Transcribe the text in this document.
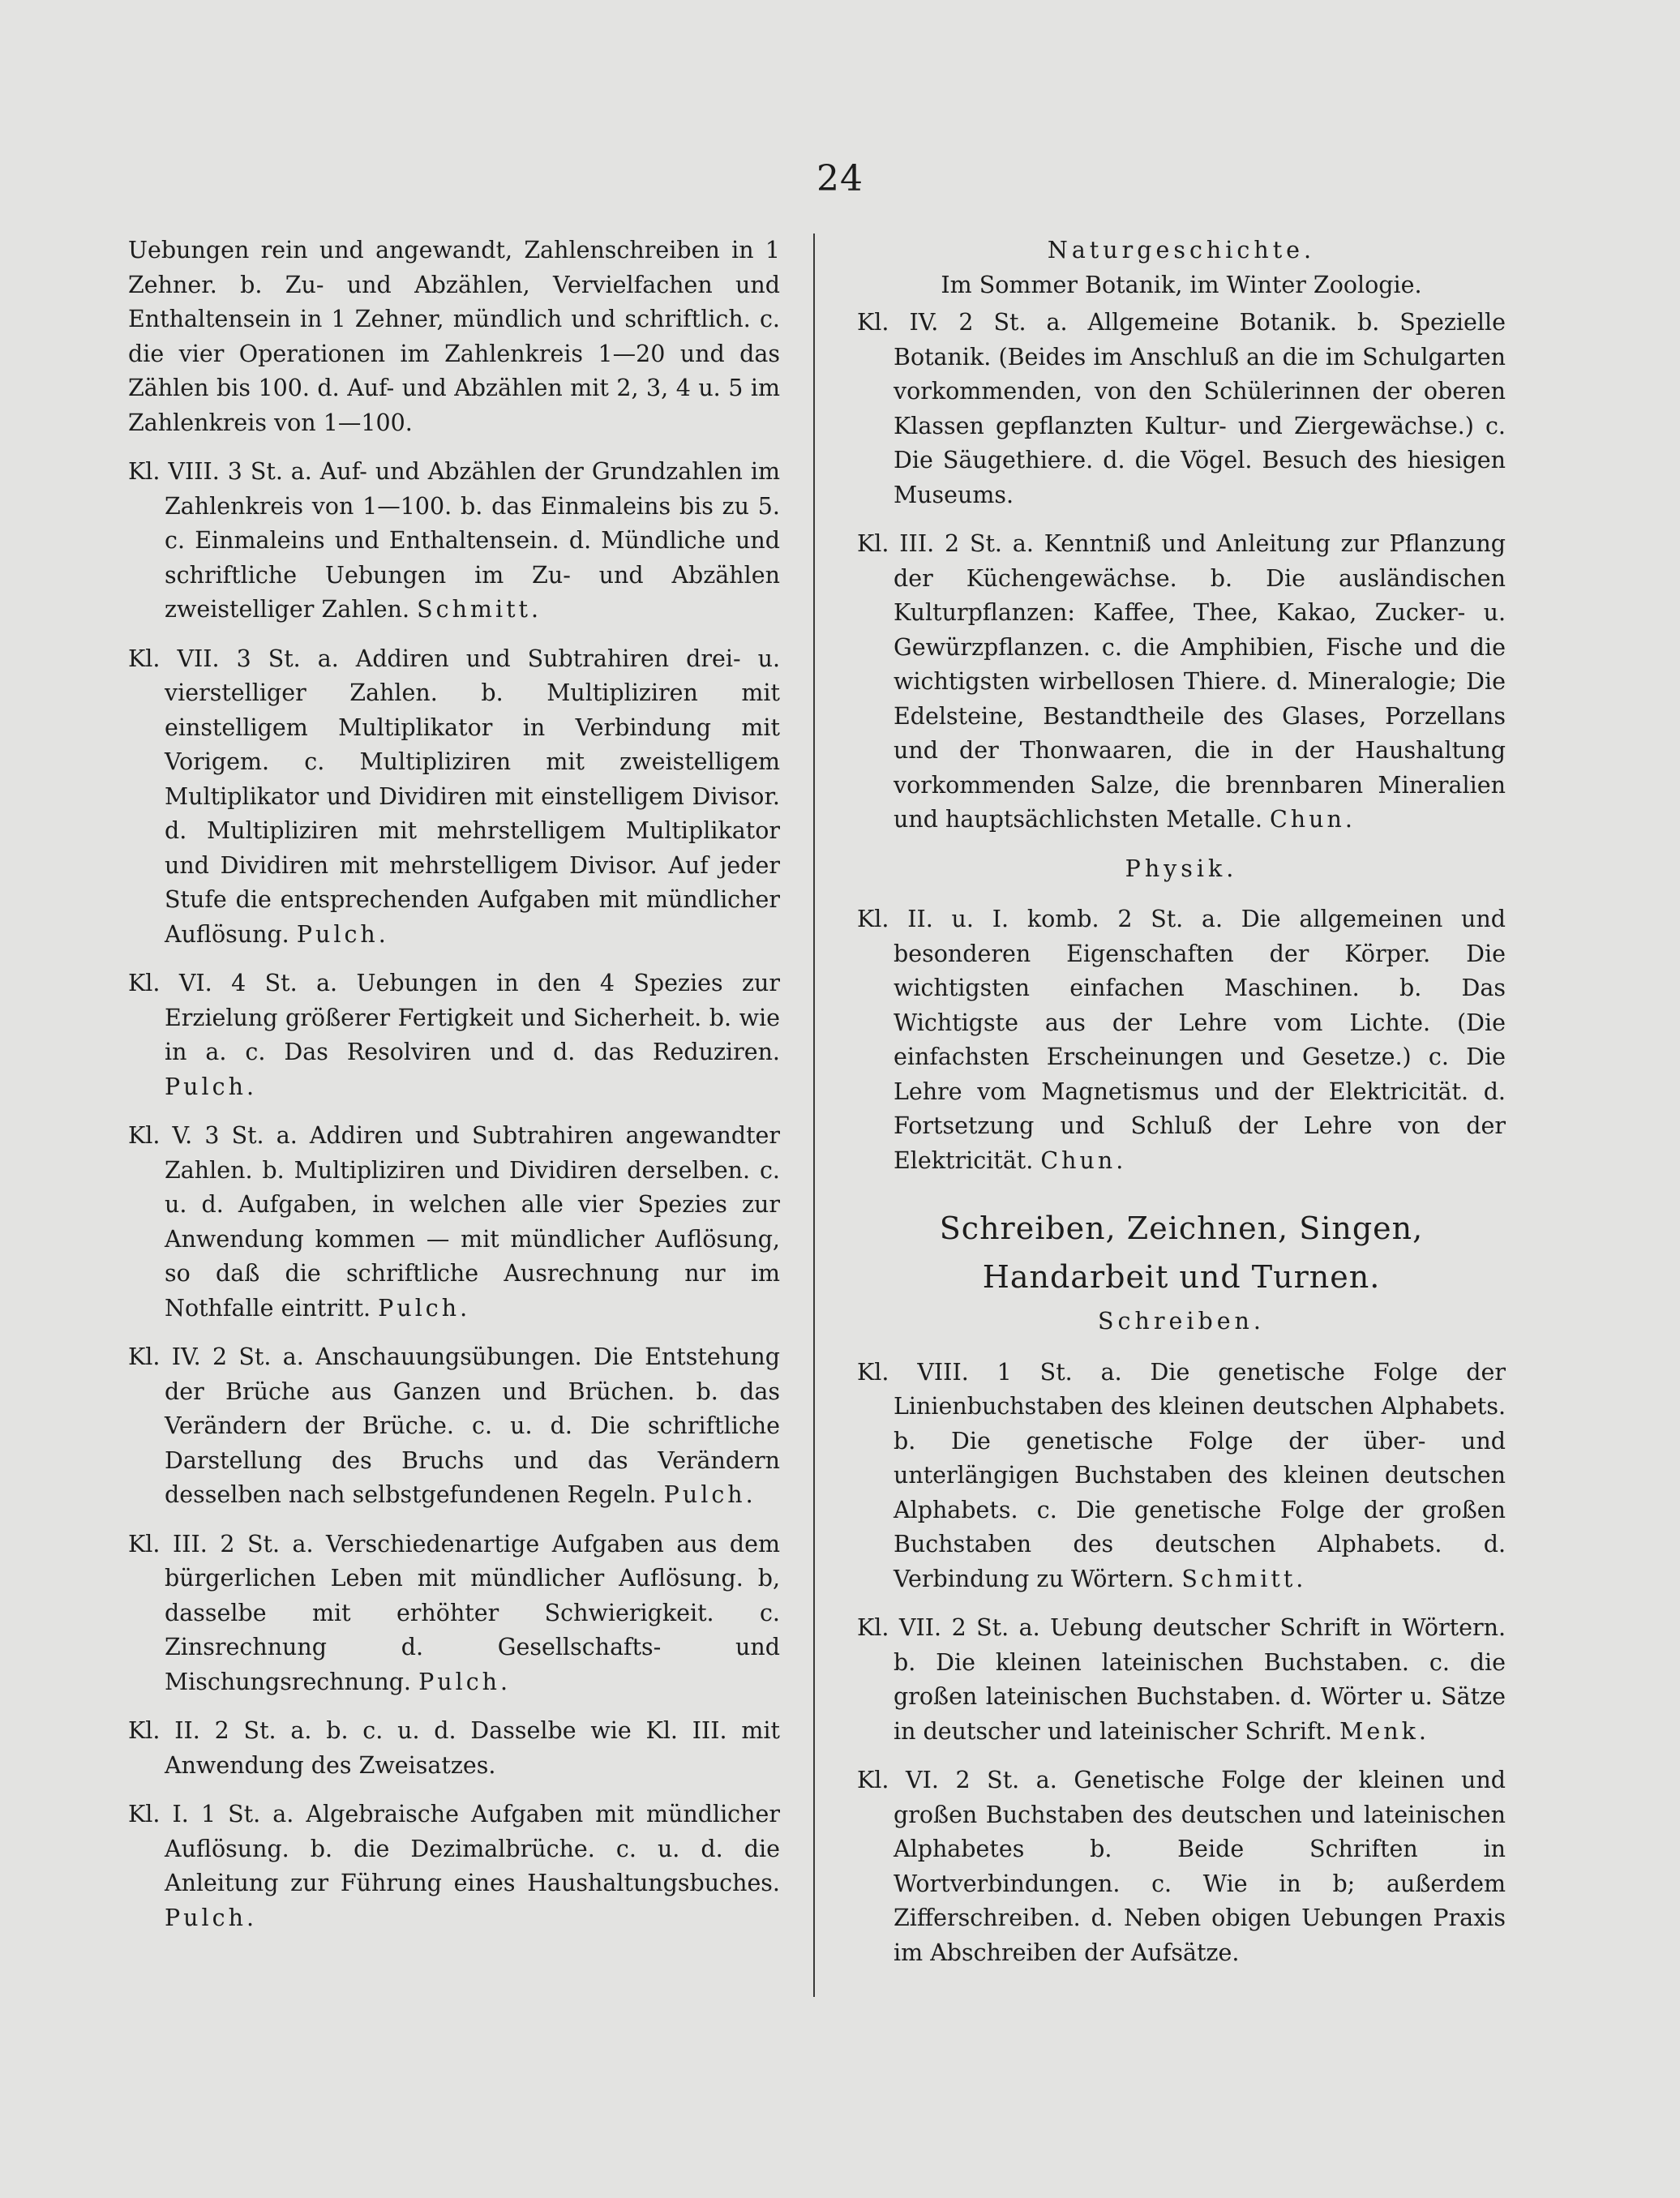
24

Uebungen rein und angewandt, Zahlenschreiben in 1 Zehner. b. Zu- und Abzählen, Vervielfachen und Enthaltensein in 1 Zehner, mündlich und schriftlich. c. die vier Operationen im Zahlenkreis 1—20 und das Zählen bis 100. d. Auf- und Abzählen mit 2, 3, 4 u. 5 im Zahlenkreis von 1—100.

Kl. VIII. 3 St. a. Auf- und Abzählen der Grundzahlen im Zahlenkreis von 1—100. b. das Einmaleins bis zu 5. c. Einmaleins und Enthaltensein. d. Mündliche und schriftliche Uebungen im Zu- und Abzählen zweistelliger Zahlen. Schmitt.

Kl. VII. 3 St. a. Addiren und Subtrahiren drei- u. vierstelliger Zahlen. b. Multipliziren mit einstelligem Multiplikator in Verbindung mit Vorigem. c. Multipliziren mit zweistelligem Multiplikator und Dividiren mit einstelligem Divisor. d. Multipliziren mit mehrstelligem Multiplikator und Dividiren mit mehrstelligem Divisor. Auf jeder Stufe die entsprechenden Aufgaben mit mündlicher Auflösung. Pulch.

Kl. VI. 4 St. a. Uebungen in den 4 Spezies zur Erzielung größerer Fertigkeit und Sicherheit. b. wie in a. c. Das Resolviren und d. das Reduziren. Pulch.

Kl. V. 3 St. a. Addiren und Subtrahiren angewandter Zahlen. b. Multipliziren und Dividiren derselben. c. u. d. Aufgaben, in welchen alle vier Spezies zur Anwendung kommen — mit mündlicher Auflösung, so daß die schriftliche Ausrechnung nur im Nothfalle eintritt. Pulch.

Kl. IV. 2 St. a. Anschauungsübungen. Die Entstehung der Brüche aus Ganzen und Brüchen. b. das Verändern der Brüche. c. u. d. Die schriftliche Darstellung des Bruchs und das Verändern desselben nach selbstgefundenen Regeln. Pulch.

Kl. III. 2 St. a. Verschiedenartige Aufgaben aus dem bürgerlichen Leben mit mündlicher Auflösung. b, dasselbe mit erhöhter Schwierigkeit. c. Zinsrechnung d. Gesellschafts- und Mischungsrechnung. Pulch.

Kl. II. 2 St. a. b. c. u. d. Dasselbe wie Kl. III. mit Anwendung des Zweisatzes.

Kl. I. 1 St. a. Algebraische Aufgaben mit mündlicher Auflösung. b. die Dezimalbrüche. c. u. d. die Anleitung zur Führung eines Haushaltungsbuches. Pulch.

Naturgeschichte.

Im Sommer Botanik, im Winter Zoologie.

Kl. IV. 2 St. a. Allgemeine Botanik. b. Spezielle Botanik. (Beides im Anschluß an die im Schulgarten vorkommenden, von den Schülerinnen der oberen Klassen gepflanzten Kultur- und Ziergewächse.) c. Die Säugethiere. d. die Vögel. Besuch des hiesigen Museums.

Kl. III. 2 St. a. Kenntniß und Anleitung zur Pflanzung der Küchengewächse. b. Die ausländischen Kulturpflanzen: Kaffee, Thee, Kakao, Zucker- u. Gewürzpflanzen. c. die Amphibien, Fische und die wichtigsten wirbellosen Thiere. d. Mineralogie; Die Edelsteine, Bestandtheile des Glases, Porzellans und der Thonwaaren, die in der Haushaltung vorkommenden Salze, die brennbaren Mineralien und hauptsächlichsten Metalle. Chun.

Physik.

Kl. II. u. I. komb. 2 St. a. Die allgemeinen und besonderen Eigenschaften der Körper. Die wichtigsten einfachen Maschinen. b. Das Wichtigste aus der Lehre vom Lichte. (Die einfachsten Erscheinungen und Gesetze.) c. Die Lehre vom Magnetismus und der Elektricität. d. Fortsetzung und Schluß der Lehre von der Elektricität. Chun.

Schreiben, Zeichnen, Singen, Handarbeit und Turnen.

Schreiben.

Kl. VIII. 1 St. a. Die genetische Folge der Linienbuchstaben des kleinen deutschen Alphabets. b. Die genetische Folge der über- und unterlängigen Buchstaben des kleinen deutschen Alphabets. c. Die genetische Folge der großen Buchstaben des deutschen Alphabets. d. Verbindung zu Wörtern. Schmitt.

Kl. VII. 2 St. a. Uebung deutscher Schrift in Wörtern. b. Die kleinen lateinischen Buchstaben. c. die großen lateinischen Buchstaben. d. Wörter u. Sätze in deutscher und lateinischer Schrift. Menk.

Kl. VI. 2 St. a. Genetische Folge der kleinen und großen Buchstaben des deutschen und lateinischen Alphabetes b. Beide Schriften in Wortverbindungen. c. Wie in b; außerdem Zifferschreiben. d. Neben obigen Uebungen Praxis im Abschreiben der Aufsätze.
